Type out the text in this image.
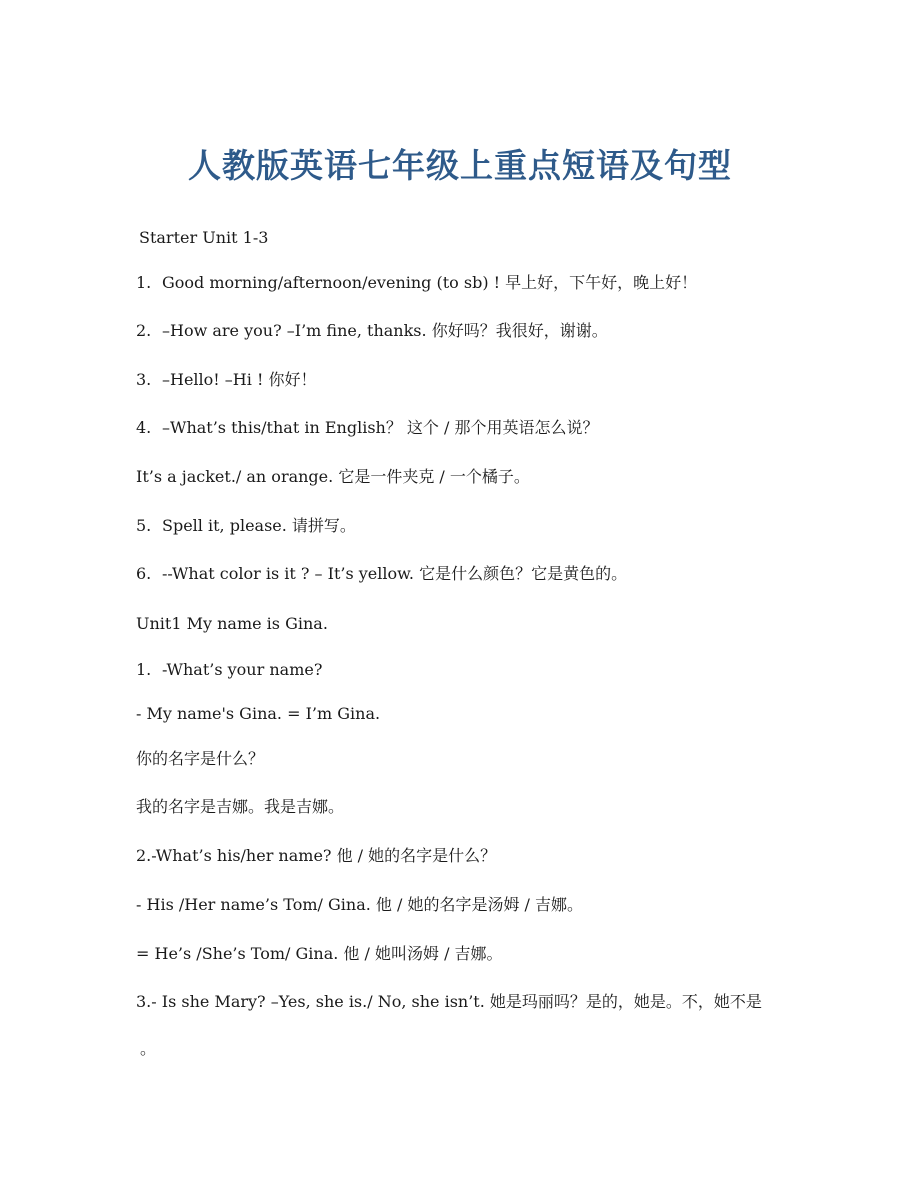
人教版英语七年级上重点短语及句型

Starter Unit 1-3

1. Good morning/afternoon/evening (to sb) ! 早上好，下午好，晚上好！

2. –How are you? –I’m fine, thanks. 你好吗？我很好，谢谢。

3. –Hello! –Hi ! 你好！

4. –What’s this/that in English？ 这个 / 那个用英语怎么说？

It’s a jacket./ an orange. 它是一件夹克 / 一个橘子。

5. Spell it, please. 请拼写。

6. --What color is it ? – It’s yellow. 它是什么颜色？它是黄色的。

Unit1 My name is Gina.

1. -What’s your name?

- My name's Gina. = I’m Gina.

你的名字是什么？

我的名字是吉娜。我是吉娜。

2.-What’s his/her name? 他 / 她的名字是什么？

- His /Her name’s Tom/ Gina. 他 / 她的名字是汤姆 / 吉娜。

= He’s /She’s Tom/ Gina. 他 / 她叫汤姆 / 吉娜。

3.- Is she Mary? –Yes, she is./ No, she isn’t. 她是玛丽吗？是的，她是。不，她不是

。
